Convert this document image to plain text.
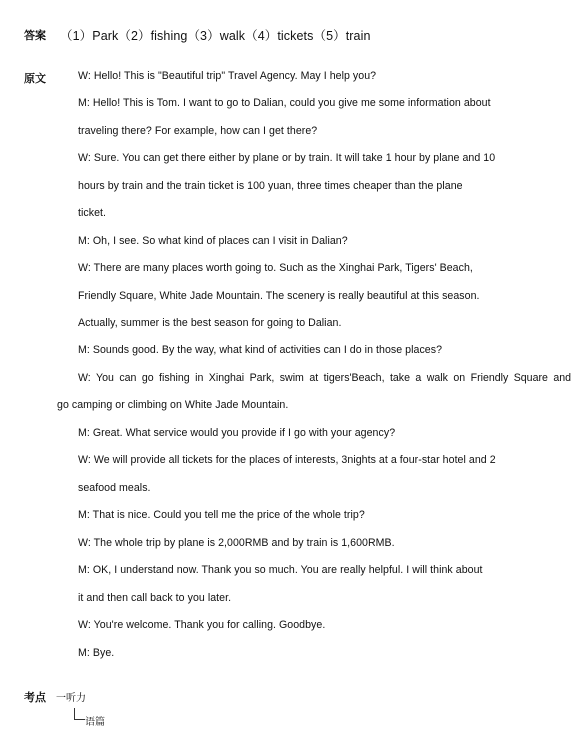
答案 （1）Park（2）fishing（3）walk（4）tickets（5）train
原文	W: Hello! This is "Beautiful trip" Travel Agency. May I help you?
M: Hello! This is Tom. I want to go to Dalian, could you give me some information about
traveling there? For example, how can I get there?
W: Sure. You can get there either by plane or by train. It will take 1 hour by plane and 10
hours by train and the train ticket is 100 yuan, three times cheaper than the plane
ticket.
M: Oh, I see. So what kind of places can I visit in Dalian?
W: There are many places worth going to. Such as the Xinghai Park, Tigers' Beach,
Friendly Square, White Jade Mountain. The scenery is really beautiful at this season.
Actually, summer is the best season for going to Dalian.
M: Sounds good. By the way, what kind of activities can I do in those places?
W: You can go fishing in Xinghai Park, swim at tigers'Beach, take a walk on Friendly Square and
go camping or climbing on White Jade Mountain.
M: Great. What service would you provide if I go with your agency?
W: We will provide all tickets for the places of interests, 3nights at a four-star hotel and 2
seafood meals.
M: That is nice. Could you tell me the price of the whole trip?
W: The whole trip by plane is 2,000RMB and by train is 1,600RMB.
M: OK, I understand now. Thank you so much. You are really helpful. I will think about
it and then call back to you later.
W: You're welcome. Thank you for calling. Goodbye.
M: Bye.
考点 一听力
语篇
